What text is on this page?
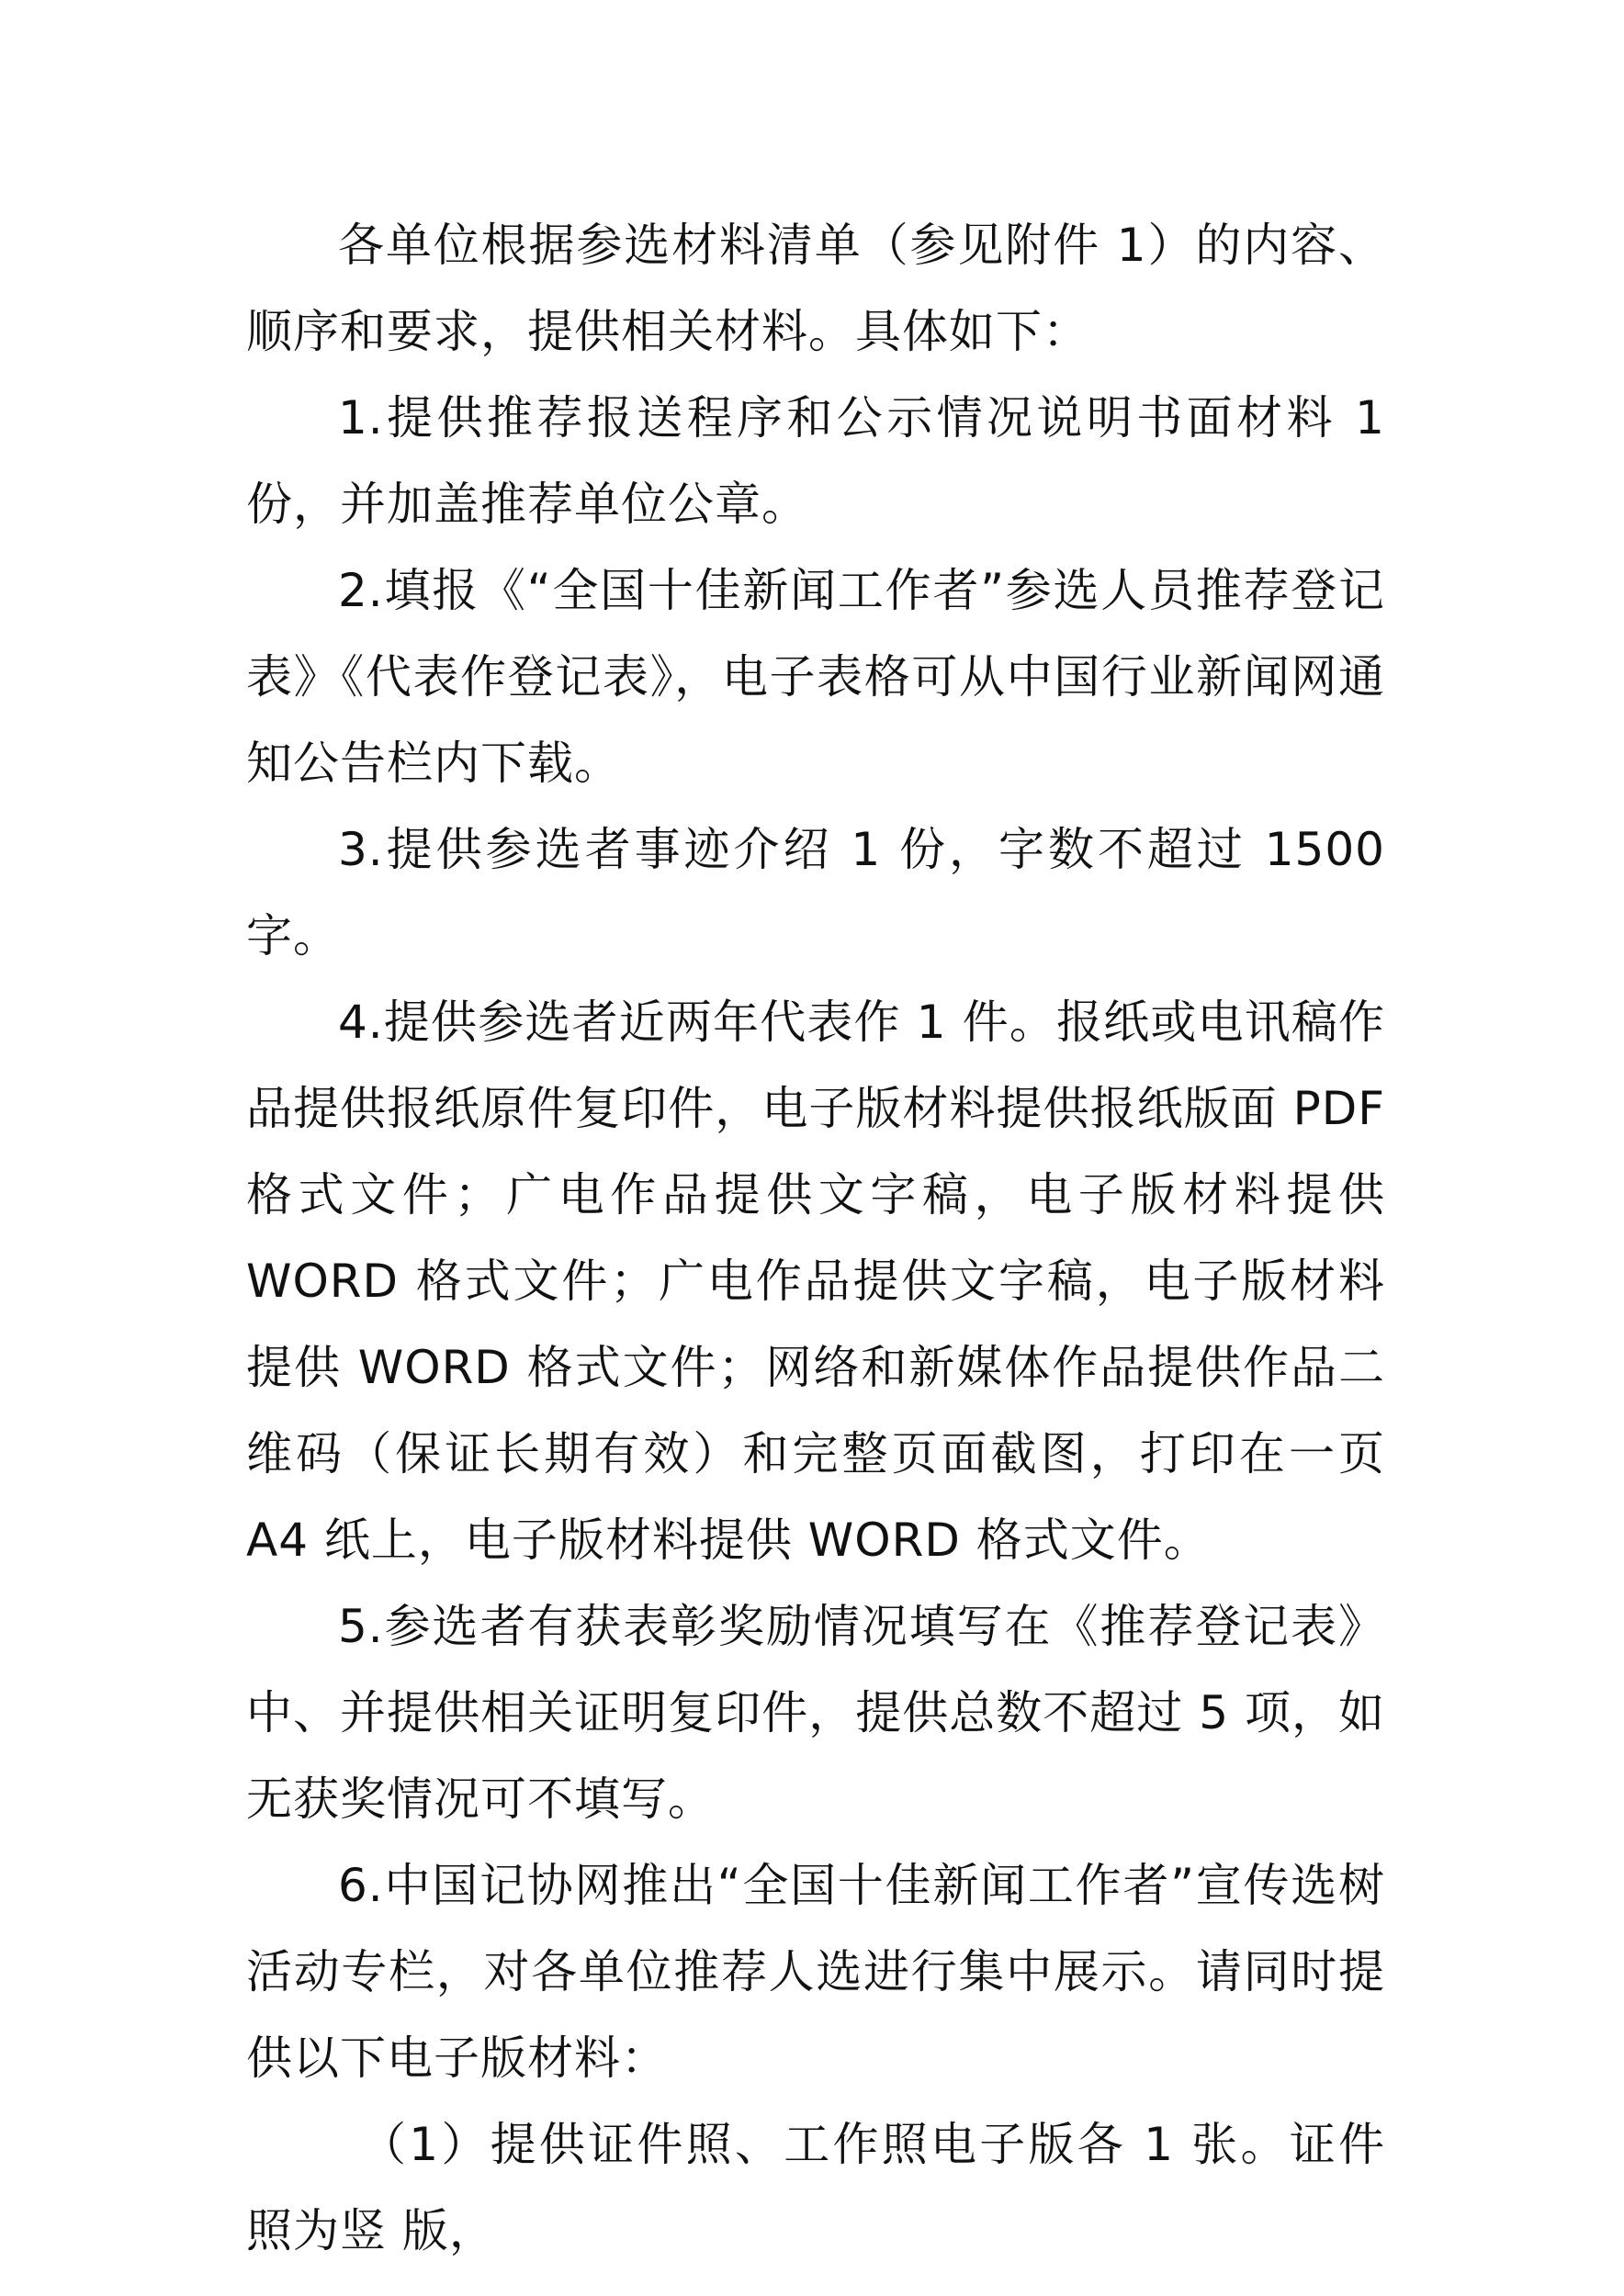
各单位根据参选材料清单（参见附件 1）的内容、顺序和要求，提供相关材料。具体如下：

1.提供推荐报送程序和公示情况说明书面材料 1 份，并加盖推荐单位公章。

2.填报《“全国十佳新闻工作者”参选人员推荐登记表》《代表作登记表》，电子表格可从中国行业新闻网通知公告栏内下载。

3.提供参选者事迹介绍 1 份，字数不超过 1500 字。

4.提供参选者近两年代表作 1 件。报纸或电讯稿作品提供报纸原件复印件，电子版材料提供报纸版面 PDF 格式文件；广电作品提供文字稿，电子版材料提供 WORD 格式文件；广电作品提供文字稿，电子版材料提供 WORD 格式文件；网络和新媒体作品提供作品二维码（保证长期有效）和完整页面截图，打印在一页 A4 纸上，电子版材料提供 WORD 格式文件。

5.参选者有获表彰奖励情况填写在《推荐登记表》中、并提供相关证明复印件，提供总数不超过 5 项，如无获奖情况可不填写。

6.中国记协网推出“全国十佳新闻工作者”宣传选树活动专栏，对各单位推荐人选进行集中展示。请同时提供以下电子版材料：

（1）提供证件照、工作照电子版各 1 张。证件照为竖 版，
